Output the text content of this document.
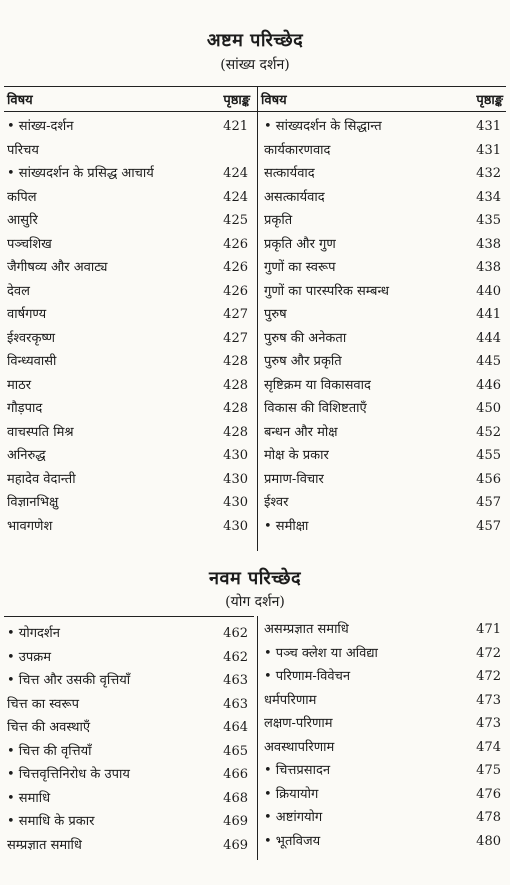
अष्टम परिच्छेद
(सांख्य दर्शन)
विषय	पृष्ठाङ्क
• सांख्य-दर्शन	421
परिचय
• सांख्यदर्शन के प्रसिद्ध आचार्य	424
कपिल	424
आसुरि	425
पञ्चशिख	426
जैगीषव्य और अवाट्य	426
देवल	426
वार्षगण्य	427
ईश्वरकृष्ण	427
विन्ध्यवासी	428
माठर	428
गौड़पाद	428
वाचस्पति मिश्र	428
अनिरुद्ध	430
महादेव वेदान्ती	430
विज्ञानभिक्षु	430
भावगणेश	430
विषय	पृष्ठाङ्क
• सांख्यदर्शन के सिद्धान्त	431
कार्यकारणवाद	431
सत्कार्यवाद	432
असत्कार्यवाद	434
प्रकृति	435
प्रकृति और गुण	438
गुणों का स्वरूप	438
गुणों का पारस्परिक सम्बन्ध	440
पुरुष	441
पुरुष की अनेकता	444
पुरुष और प्रकृति	445
सृष्टिक्रम या विकासवाद	446
विकास की विशिष्टताएँ	450
बन्धन और मोक्ष	452
मोक्ष के प्रकार	455
प्रमाण-विचार	456
ईश्वर	457
• समीक्षा	457
नवम परिच्छेद
(योग दर्शन)
• योगदर्शन	462
• उपक्रम	462
• चित्त और उसकी वृत्तियाँ	463
चित्त का स्वरूप	463
चित्त की अवस्थाएँ	464
• चित्त की वृत्तियाँ	465
• चित्तवृत्तिनिरोध के उपाय	466
• समाधि	468
• समाधि के प्रकार	469
सम्प्रज्ञात समाधि	469
असम्प्रज्ञात समाधि	471
• पञ्च क्लेश या अविद्या	472
• परिणाम-विवेचन	472
धर्मपरिणाम	473
लक्षण-परिणाम	473
अवस्थापरिणाम	474
• चित्तप्रसादन	475
• क्रियायोग	476
• अष्टांगयोग	478
• भूतविजय	480
